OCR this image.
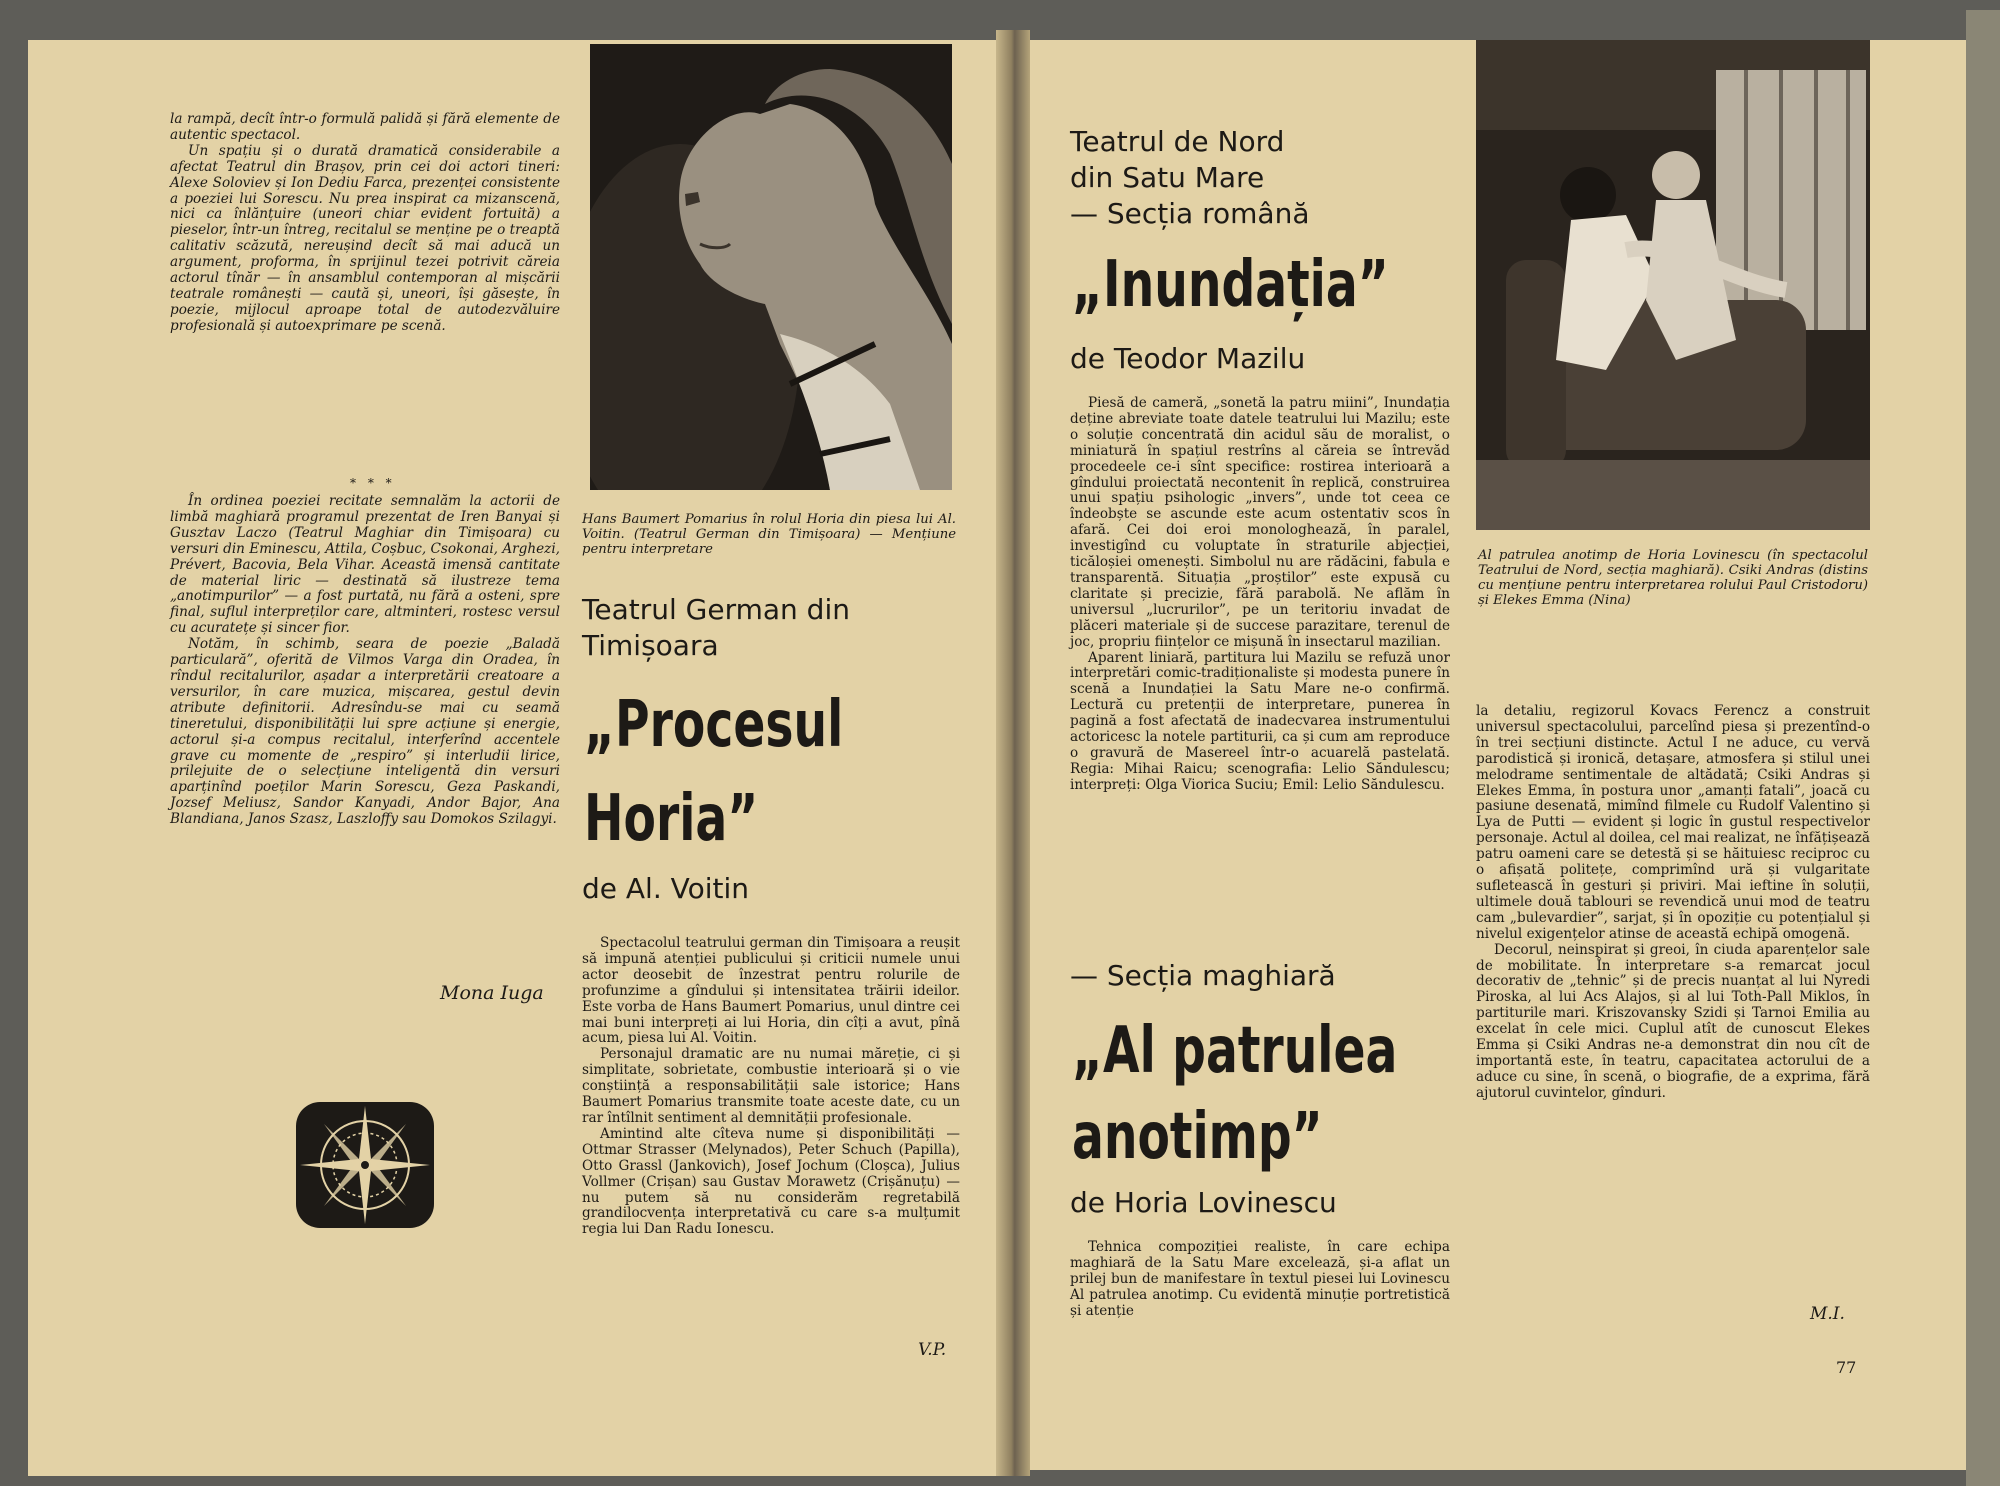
la rampă, decît într-o formulă palidă și fără elemente de autentic spectacol.

Un spațiu și o durată dramatică considerabile a afectat Teatrul din Brașov, prin cei doi actori tineri: Alexe Soloviev și Ion Dediu Farca, prezenței consistente a poeziei lui Sorescu. Nu prea inspirat ca mizanscenă, nici ca înlănțuire (uneori chiar evident fortuită) a pieselor, într-un întreg, recitalul se menține pe o treaptă calitativ scăzută, nereușind decît să mai aducă un argument, proforma, în sprijinul tezei potrivit căreia actorul tînăr — în ansamblul contemporan al mișcării teatrale românești — caută și, uneori, își găsește, în poezie, mijlocul aproape total de autodezvăluire profesională și autoexprimare pe scenă.

* * *

În ordinea poeziei recitate semnalăm la actorii de limbă maghiară programul prezentat de Iren Banyai și Gusztav Laczo (Teatrul Maghiar din Timișoara) cu versuri din Eminescu, Attila, Coșbuc, Csokonai, Arghezi, Prévert, Bacovia, Bela Vihar. Această imensă cantitate de material liric — destinată să ilustreze tema „anotimpurilor” — a fost purtată, nu fără a osteni, spre final, suflul interpreților care, altminteri, rostesc versul cu acuratețe și sincer fior.

Notăm, în schimb, seara de poezie „Baladă particulară”, oferită de Vilmos Varga din Oradea, în rîndul recitalurilor, așadar a interpretării creatoare a versurilor, în care muzica, mișcarea, gestul devin atribute definitorii. Adresîndu-se mai cu seamă tineretului, disponibilității lui spre acțiune și energie, actorul și-a compus recitalul, interferînd accentele grave cu momente de „respiro” și interludii lirice, prilejuite de o selecțiune inteligentă din versuri aparținînd poeților Marin Sorescu, Geza Paskandi, Jozsef Meliusz, Sandor Kanyadi, Andor Bajor, Ana Blandiana, Janos Szasz, Laszloffy sau Domokos Szilagyi.

Mona Iuga
Hans Baumert Pomarius în rolul Horia din piesa lui Al. Voitin. (Teatrul German din Timișoara) — Mențiune pentru interpretare
Teatrul German din Timișoara
„Procesul
Horia”
de Al. Voitin

Spectacolul teatrului german din Timișoara a reușit să impună atenției publicului și criticii numele unui actor deosebit de înzestrat pentru rolurile de profunzime a gîndului și intensitatea trăirii ideilor. Este vorba de Hans Baumert Pomarius, unul dintre cei mai buni interpreți ai lui Horia, din cîți a avut, pînă acum, piesa lui Al. Voitin.

Personajul dramatic are nu numai măreție, ci și simplitate, sobrietate, combustie interioară și o vie conștiință a responsabilității sale istorice; Hans Baumert Pomarius transmite toate aceste date, cu un rar întîlnit sentiment al demnității profesionale.

Amintind alte cîteva nume și disponibilități — Ottmar Strasser (Melynados), Peter Schuch (Papilla), Otto Grassl (Jankovich), Josef Jochum (Cloșca), Julius Vollmer (Crișan) sau Gustav Morawetz (Crișănuțu) — nu putem să nu considerăm regretabilă grandilocvența interpretativă cu care s-a mulțumit regia lui Dan Radu Ionescu.

V.P.
Teatrul de Nord
din Satu Mare
— Secția română
„Inundația”
de Teodor Mazilu

Piesă de cameră, „sonetă la patru miini”, Inundația deține abreviate toate datele teatrului lui Mazilu; este o soluție concentrată din acidul său de moralist, o miniatură în spațiul restrîns al căreia se întrevăd procedeele ce-i sînt specifice: rostirea interioară a gîndului proiectată necontenit în replică, construirea unui spațiu psihologic „invers”, unde tot ceea ce îndeobște se ascunde este acum ostentativ scos în afară. Cei doi eroi monologhează, în paralel, investigînd cu voluptate în straturile abjecției, ticăloșiei omenești. Simbolul nu are rădăcini, fabula e transparentă. Situația „proștilor” este expusă cu claritate și precizie, fără parabolă. Ne aflăm în universul „lucrurilor”, pe un teritoriu invadat de plăceri materiale și de succese parazitare, terenul de joc, propriu ființelor ce mișună în insectarul mazilian.

Aparent liniară, partitura lui Mazilu se refuză unor interpretări comic-tradiționaliste și modesta punere în scenă a Inundației la Satu Mare ne-o confirmă. Lectură cu pretenții de interpretare, punerea în pagină a fost afectată de inadecvarea instrumentului actoricesc la notele partiturii, ca și cum am reproduce o gravură de Masereel într-o acuarelă pastelată. Regia: Mihai Raicu; scenografia: Lelio Săndulescu; interpreți: Olga Viorica Suciu; Emil: Lelio Săndulescu.

— Secția maghiară
„Al patrulea
anotimp”
de Horia Lovinescu

Tehnica compoziției realiste, în care echipa maghiară de la Satu Mare excelează, și-a aflat un prilej bun de manifestare în textul piesei lui Lovinescu Al patrulea anotimp. Cu evidentă minuție portretistică și atenție

Al patrulea anotimp de Horia Lovinescu (în spectacolul Teatrului de Nord, secția maghiară). Csiki Andras (distins cu mențiune pentru interpretarea rolului Paul Cristodoru) și Elekes Emma (Nina)
la detaliu, regizorul Kovacs Ferencz a construit universul spectacolului, parcelînd piesa și prezentînd-o în trei secțiuni distincte. Actul I ne aduce, cu vervă parodistică și ironică, detașare, atmosfera și stilul unei melodrame sentimentale de altădată; Csiki Andras și Elekes Emma, în postura unor „amanți fatali”, joacă cu pasiune desenată, mimînd filmele cu Rudolf Valentino și Lya de Putti — evident și logic în gustul respectivelor personaje. Actul al doilea, cel mai realizat, ne înfățișează patru oameni care se detestă și se hăituiesc reciproc cu o afișată politețe, comprimînd ură și vulgaritate sufletească în gesturi și priviri. Mai ieftine în soluții, ultimele două tablouri se revendică unui mod de teatru cam „bulevardier”, sarjat, și în opoziție cu potențialul și nivelul exigențelor atinse de această echipă omogenă.

Decorul, neinspirat și greoi, în ciuda aparențelor sale de mobilitate. În interpretare s-a remarcat jocul decorativ de „tehnic” și de precis nuanțat al lui Nyredi Piroska, al lui Acs Alajos, și al lui Toth-Pall Miklos, în partiturile mari. Kriszovansky Szidi și Tarnoi Emilia au excelat în cele mici. Cuplul atît de cunoscut Elekes Emma și Csiki Andras ne-a demonstrat din nou cît de importantă este, în teatru, capacitatea actorului de a aduce cu sine, în scenă, o biografie, de a exprima, fără ajutorul cuvintelor, gînduri.

M.I.
77
